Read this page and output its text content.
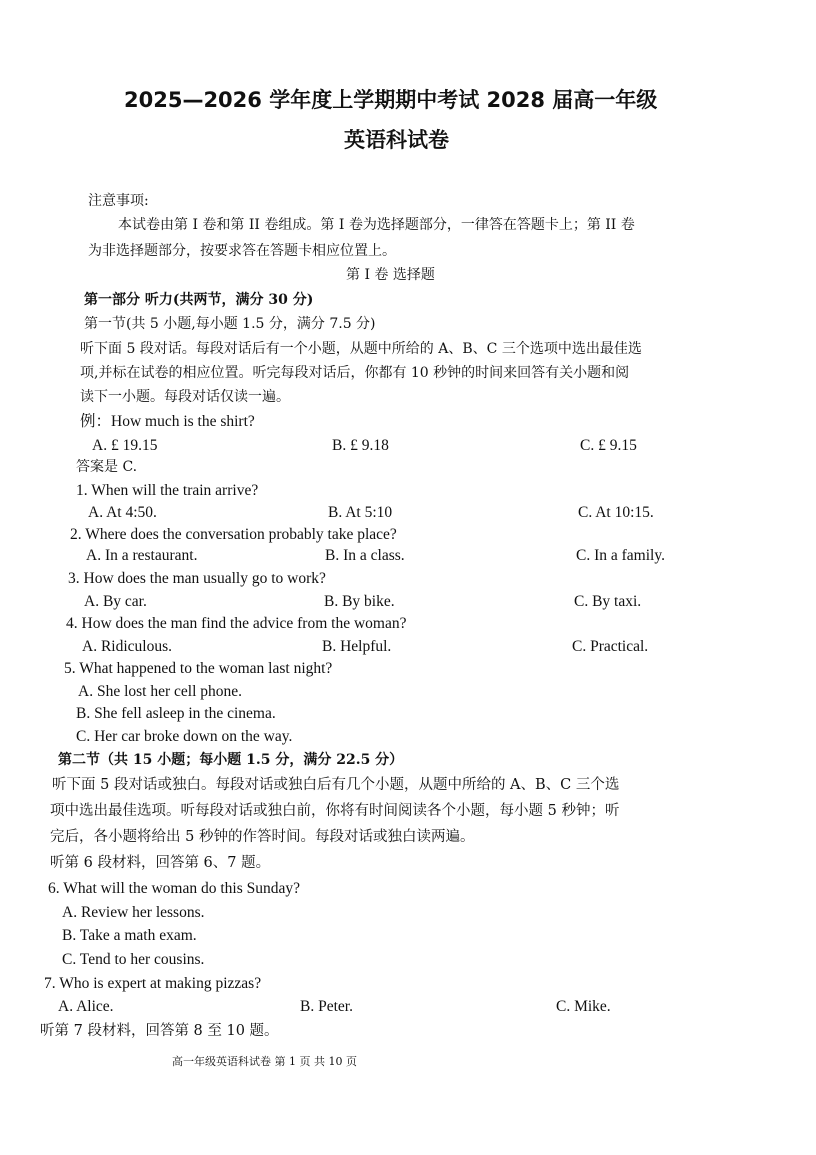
2025—2026 学年度上学期期中考试 2028 届高一年级
英语科试卷
注意事项:
本试卷由第 I 卷和第 II 卷组成。第 I 卷为选择题部分，一律答在答题卡上；第 II 卷
为非选择题部分，按要求答在答题卡相应位置上。
第 I 卷 选择题
第一部分 听力(共两节，满分 30 分)
第一节(共 5 小题,每小题 1.5 分，满分 7.5 分)
听下面 5 段对话。每段对话后有一个小题，从题中所给的 A、B、C 三个选项中选出最佳选
项,并标在试卷的相应位置。听完每段对话后，你都有 10 秒钟的时间来回答有关小题和阅
读下一小题。每段对话仅读一遍。
例：How much is the shirt?
A. £ 19.15	B. £ 9.18	C. £ 9.15
答案是 C.
1. When will the train arrive?
A. At 4:50.	B. At 5:10	C. At 10:15.
2. Where does the conversation probably take place?
A. In a restaurant.	B. In a class.	C. In a family.
3. How does the man usually go to work?
A. By car.	B. By bike.	C. By taxi.
4. How does the man find the advice from the woman?
A. Ridiculous.	B. Helpful.	C. Practical.
5. What happened to the woman last night?
A. She lost her cell phone.
B. She fell asleep in the cinema.
C. Her car broke down on the way.
第二节（共 15 小题；每小题 1.5 分，满分 22.5 分）
听下面 5 段对话或独白。每段对话或独白后有几个小题，从题中所给的 A、B、C 三个选
项中选出最佳选项。听每段对话或独白前，你将有时间阅读各个小题，每小题 5 秒钟；听
完后，各小题将给出 5 秒钟的作答时间。每段对话或独白读两遍。
听第 6 段材料，回答第 6、7 题。
6. What will the woman do this Sunday?
A. Review her lessons.
B. Take a math exam.
C. Tend to her cousins.
7. Who is expert at making pizzas?
A. Alice.	B. Peter.	C. Mike.
听第 7 段材料，回答第 8 至 10 题。
高一年级英语科试卷 第 1 页 共 10 页
